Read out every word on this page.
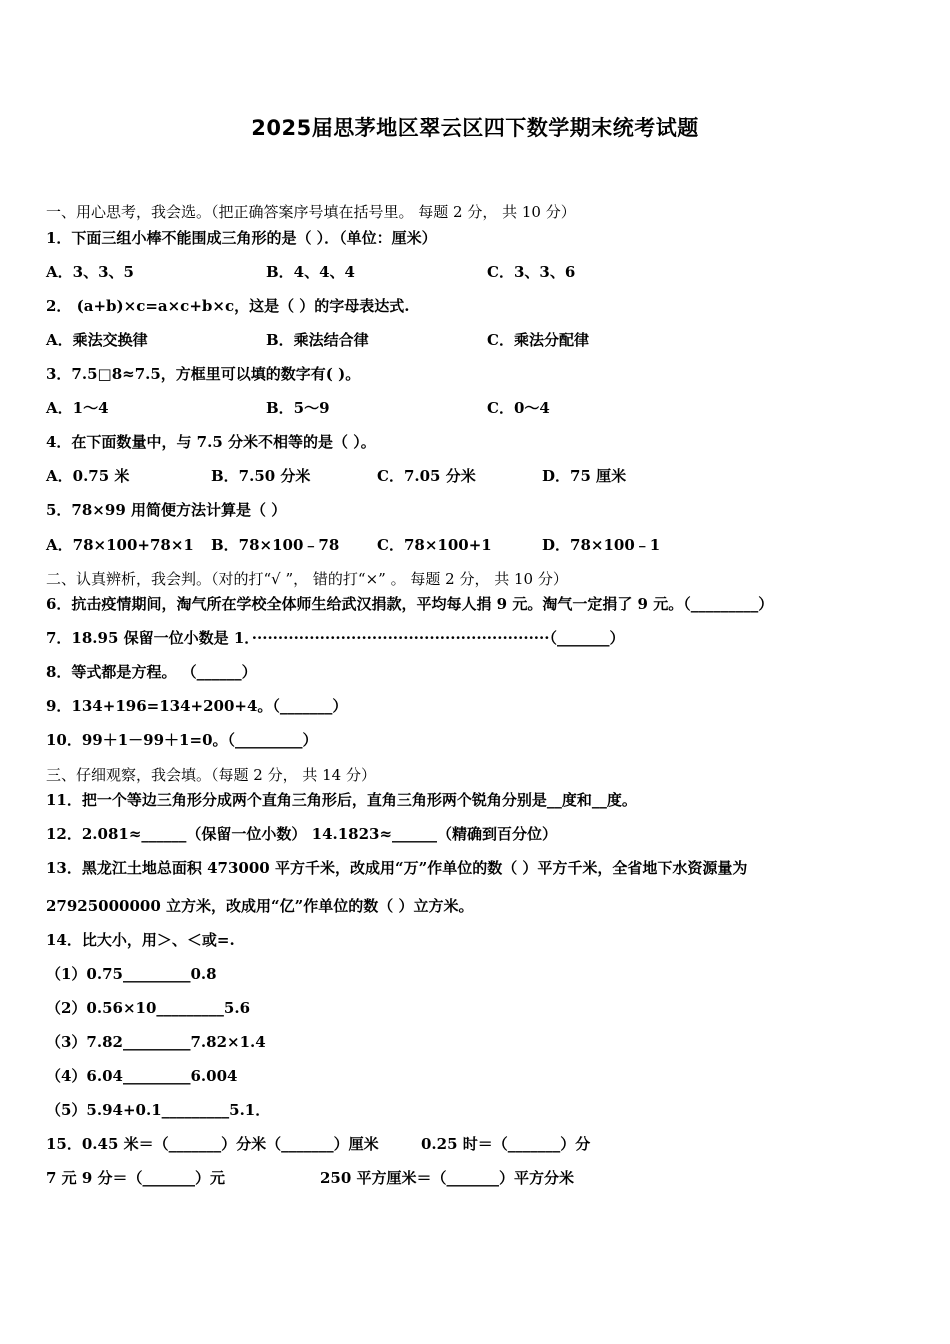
2025届思茅地区翠云区四下数学期末统考试题
一、用心思考，我会选。（把正确答案序号填在括号里。 每题 2 分， 共 10 分）
1．下面三组小棒不能围成三角形的是（ ）．（单位：厘米）
A．3、3、5	B．4、4、4	C．3、3、6
2． (a+b)×c=a×c+b×c，这是（ ）的字母表达式.
A．乘法交换律	B．乘法结合律	C．乘法分配律
3．7.5□8≈7.5，方框里可以填的数字有( )。
A．1～4	B．5～9	C．0～4
4．在下面数量中，与 7.5 分米不相等的是（ ）。
A．0.75 米	B．7.50 分米	C．7.05 分米	D．75 厘米
5．78×99 用简便方法计算是（ ）
A．78×100+78×1 B．78×100﹣78	C．78×100+1	D．78×100﹣1
二、认真辨析，我会判。（对的打“√ ”， 错的打“×” 。 每题 2 分， 共 10 分）
6．抗击疫情期间，淘气所在学校全体师生给武汉捐款，平均每人捐 9 元。淘气一定捐了 9 元。（_________）
7．18.95 保留一位小数是 1．·························································（_______）
8．等式都是方程。 （______）
9．134+196=134+200+4。（_______）
10．99＋1－99＋1=0。（_________）
三、仔细观察，我会填。（每题 2 分， 共 14 分）
11．把一个等边三角形分成两个直角三角形后，直角三角形两个锐角分别是__度和__度。
12．2.081≈______（保留一位小数） 14.1823≈______（精确到百分位）
13．黑龙江土地总面积 473000 平方千米，改成用“万”作单位的数（ ）平方千米，全省地下水资源量为
27925000000 立方米，改成用“亿”作单位的数（ ）立方米。
14．比大小，用＞、＜或=.
（1）0.75_________0.8
（2）0.56×10_________5.6
（3）7.82_________7.82×1.4
（4）6.04_________6.004
（5）5.94+0.1_________5.1．
15．0.45 米＝（_______）分米（_______）厘米	0.25 时＝（_______）分
7 元 9 分＝（_______）元	250 平方厘米＝（_______）平方分米
